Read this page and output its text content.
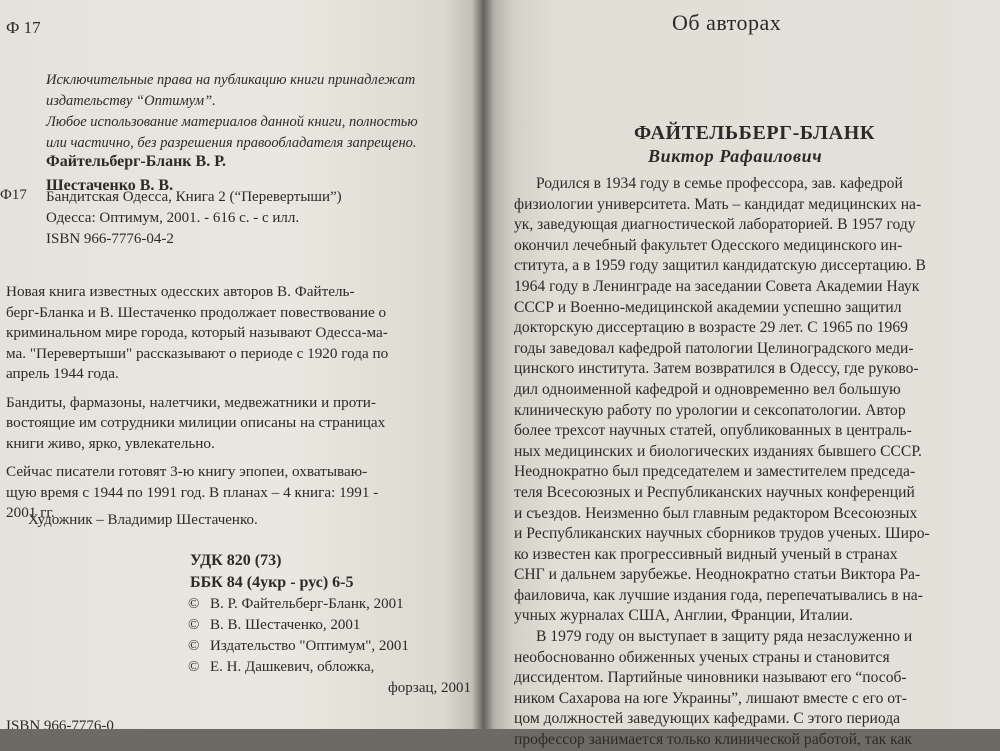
Ф 17

Исключительные права на публикацию книги принадлежат

издательству “Оптимум”.

Любое использование материалов данной книги, полностью

или частично, без разрешения правообладателя запрещено.

Файтельберг-Бланк В. Р.
Шестаченко В. В.
Ф17 Бандитская Одесса, Книга 2 (“Перевертыши”)
Одесса: Оптимум, 2001. - 616 с. - с илл.
ISBN 966-7776-04-2

Новая книга известных одесских авторов В. Файтель-
берг-Бланка и В. Шестаченко продолжает повествование о
криминальном мире города, который называют Одесса-ма-
ма. "Перевертыши" рассказывают о периоде с 1920 года по
апрель 1944 года.

Бандиты, фармазоны, налетчики, медвежатники и проти-
востоящие им сотрудники милиции описаны на страницах
книги живо, ярко, увлекательно.

Сейчас писатели готовят 3-ю книгу эпопеи, охватываю-
щую время с 1944 по 1991 год. В планах – 4 книга: 1991 -
2001 гг.

Художник – Владимир Шестаченко.
УДК 820 (73)
ББК 84 (4укр - рус) 6-5
© В. Р. Файтельберг-Бланк, 2001
© В. В. Шестаченко, 2001
© Издательство "Оптимум", 2001
© Е. Н. Дашкевич, обложка,
форзац, 2001
ISBN 966-7776-0
Об авторах
ФАЙТЕЛЬБЕРГ-БЛАНК
Виктор Рафаилович

Родился в 1934 году в семье профессора, зав. кафедрой
физиологии университета. Мать – кандидат медицинских на-
ук, заведующая диагностической лабораторией. В 1957 году
окончил лечебный факультет Одесского медицинского ин-
ститута, а в 1959 году защитил кандидатскую диссертацию. В
1964 году в Ленинграде на заседании Совета Академии Наук
СССР и Военно-медицинской академии успешно защитил
докторскую диссертацию в возрасте 29 лет. С 1965 по 1969
годы заведовал кафедрой патологии Целиноградского меди-
цинского института. Затем возвратился в Одессу, где руково-
дил одноименной кафедрой и одновременно вел большую
клиническую работу по урологии и сексопатологии. Автор
более трехсот научных статей, опубликованных в централь-
ных медицинских и биологических изданиях бывшего СССР.
Неоднократно был председателем и заместителем председа-
теля Всесоюзных и Республиканских научных конференций
и съездов. Неизменно был главным редактором Всесоюзных
и Республиканских научных сборников трудов ученых. Широ-
ко известен как прогрессивный видный ученый в странах
СНГ и дальнем зарубежье. Неоднократно статьи Виктора Ра-
фаиловича, как лучшие издания года, перепечатывались в на-
учных журналах США, Англии, Франции, Италии.

В 1979 году он выступает в защиту ряда незаслуженно и
необоснованно обиженных ученых страны и становится
диссидентом. Партийные чиновники называют его “пособ-
ником Сахарова на юге Украины”, лишают вместе с его от-
цом должностей заведующих кафедрами. С этого периода
профессор занимается только клинической работой, так как
